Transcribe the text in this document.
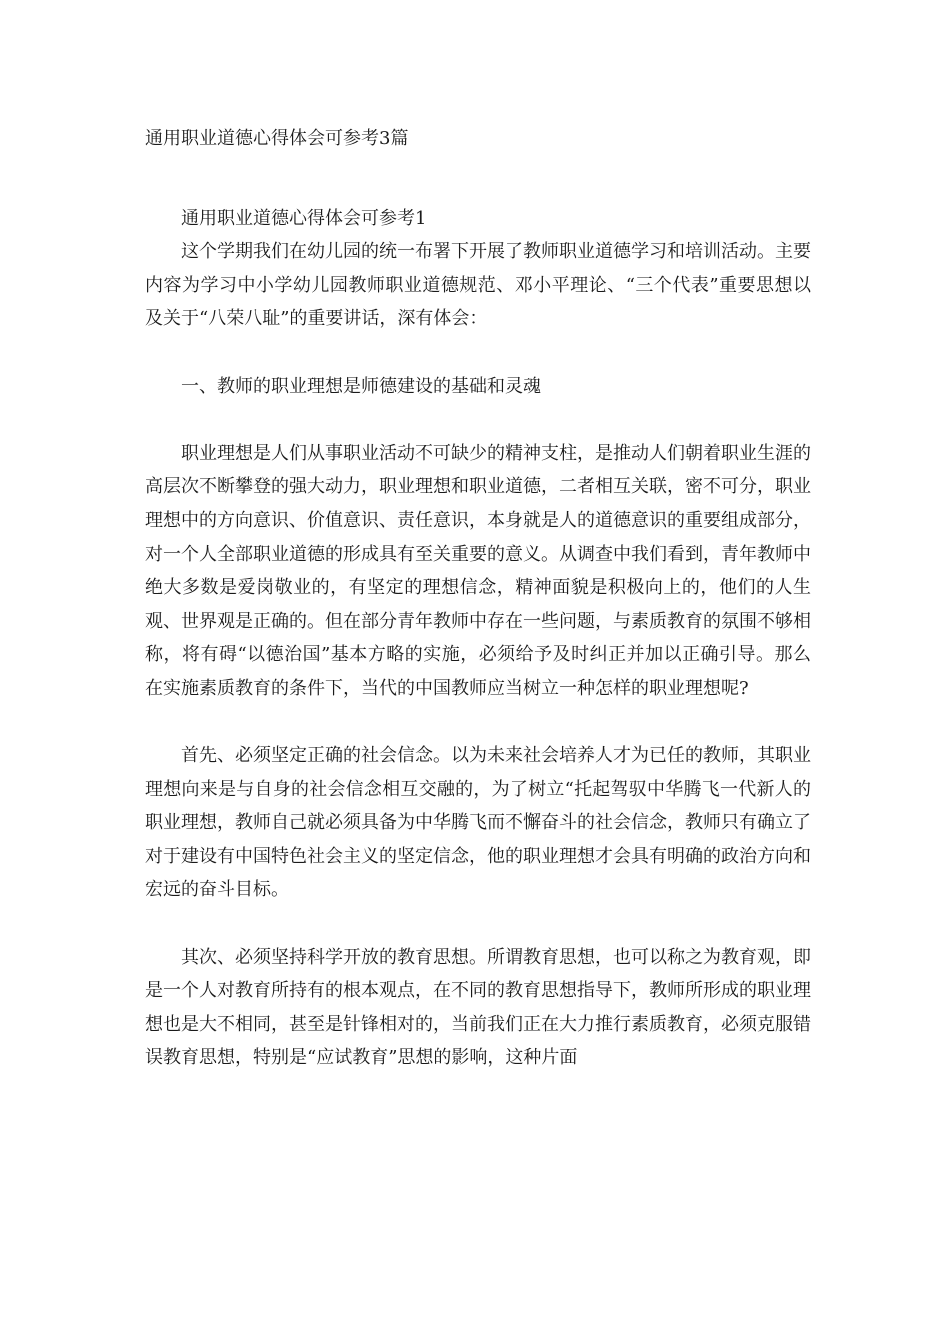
通用职业道德心得体会可参考3篇
通用职业道德心得体会可参考1

这个学期我们在幼儿园的统一布署下开展了教师职业道德学习和培训活动。主要内容为学习中小学幼儿园教师职业道德规范、邓小平理论、“三个代表”重要思想以及关于“八荣八耻”的重要讲话，深有体会：

一、教师的职业理想是师德建设的基础和灵魂

职业理想是人们从事职业活动不可缺少的精神支柱，是推动人们朝着职业生涯的高层次不断攀登的强大动力，职业理想和职业道德，二者相互关联，密不可分，职业理想中的方向意识、价值意识、责任意识，本身就是人的道德意识的重要组成部分，对一个人全部职业道德的形成具有至关重要的意义。从调查中我们看到，青年教师中绝大多数是爱岗敬业的，有坚定的理想信念，精神面貌是积极向上的，他们的人生观、世界观是正确的。但在部分青年教师中存在一些问题，与素质教育的氛围不够相称，将有碍“以德治国”基本方略的实施，必须给予及时纠正并加以正确引导。那么在实施素质教育的条件下，当代的中国教师应当树立一种怎样的职业理想呢?

首先、必须坚定正确的社会信念。以为未来社会培养人才为已任的教师，其职业理想向来是与自身的社会信念相互交融的，为了树立“托起驾驭中华腾飞一代新人的职业理想，教师自己就必须具备为中华腾飞而不懈奋斗的社会信念，教师只有确立了对于建设有中国特色社会主义的坚定信念，他的职业理想才会具有明确的政治方向和宏远的奋斗目标。

其次、必须坚持科学开放的教育思想。所谓教育思想，也可以称之为教育观，即是一个人对教育所持有的根本观点，在不同的教育思想指导下，教师所形成的职业理想也是大不相同，甚至是针锋相对的，当前我们正在大力推行素质教育，必须克服错误教育思想，特别是“应试教育”思想的影响，这种片面
